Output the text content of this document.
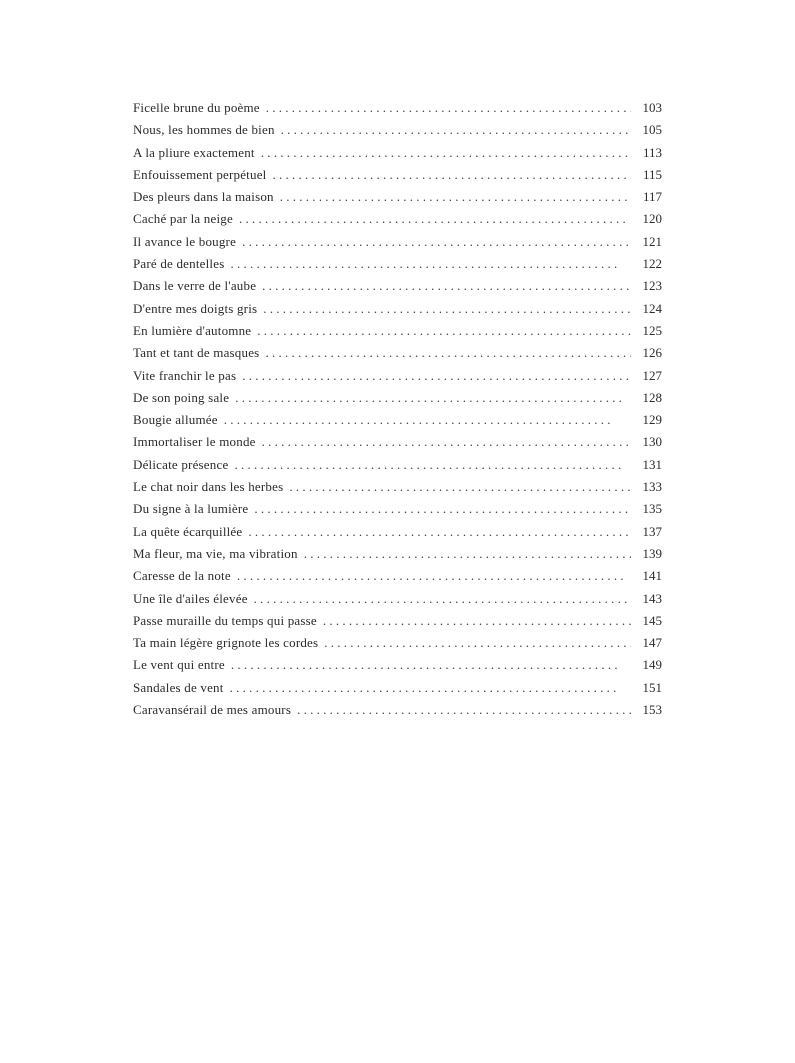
Ficelle brune du poème . .	103
Nous, les hommes de bien . .	105
A la pliure exactement . .	113
Enfouissement perpétuel . .	115
Des pleurs dans la maison . .	117
Caché par la neige . .	120
Il avance le bougre . .	121
Paré de dentelles . .	122
Dans le verre de l'aube . .	123
D'entre mes doigts gris . .	124
En lumière d'automne . .	125
Tant et tant de masques . .	126
Vite franchir le pas . .	127
De son poing sale . .	128
Bougie allumée . .	129
Immortaliser le monde . .	130
Délicate présence . .	131
Le chat noir dans les herbes . .	133
Du signe à la lumière . .	135
La quête écarquillée . .	137
Ma fleur, ma vie, ma vibration . .	139
Caresse de la note . .	141
Une île d'ailes élevée . .	143
Passe muraille du temps qui passe . .	145
Ta main légère grignote les cordes . .	147
Le vent qui entre . .	149
Sandales de vent . .	151
Caravansérail de mes amours . .	153
